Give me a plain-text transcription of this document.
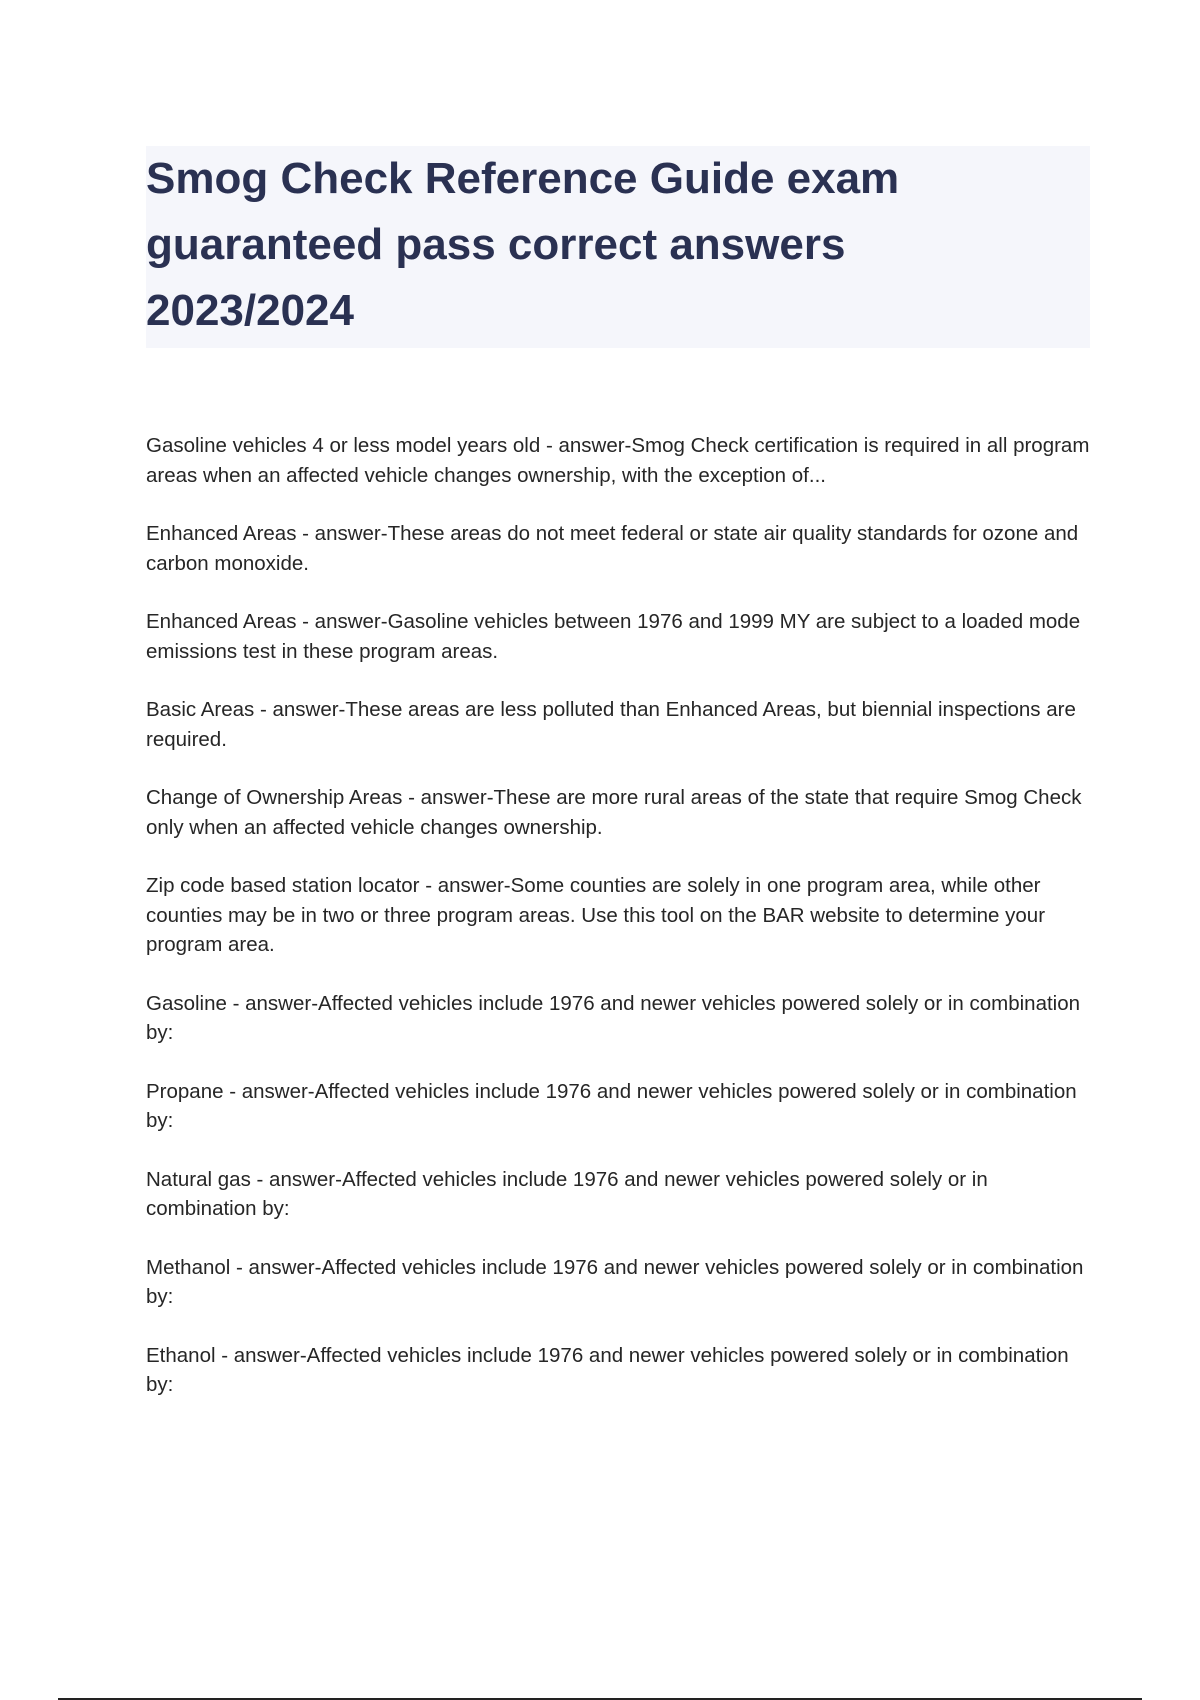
Smog Check Reference Guide exam
guaranteed pass correct answers
2023/2024
Gasoline vehicles 4 or less model years old - answer-Smog Check certification is required in all program areas when an affected vehicle changes ownership, with the exception of...
Enhanced Areas - answer-These areas do not meet federal or state air quality standards for ozone and carbon monoxide.
Enhanced Areas - answer-Gasoline vehicles between 1976 and 1999 MY are subject to a loaded mode emissions test in these program areas.
Basic Areas - answer-These areas are less polluted than Enhanced Areas, but biennial inspections are required.
Change of Ownership Areas - answer-These are more rural areas of the state that require Smog Check only when an affected vehicle changes ownership.
Zip code based station locator - answer-Some counties are solely in one program area, while other counties may be in two or three program areas. Use this tool on the BAR website to determine your program area.
Gasoline - answer-Affected vehicles include 1976 and newer vehicles powered solely or in combination by:
Propane - answer-Affected vehicles include 1976 and newer vehicles powered solely or in combination by:
Natural gas - answer-Affected vehicles include 1976 and newer vehicles powered solely or in combination by:
Methanol - answer-Affected vehicles include 1976 and newer vehicles powered solely or in combination by:
Ethanol - answer-Affected vehicles include 1976 and newer vehicles powered solely or in combination by:
